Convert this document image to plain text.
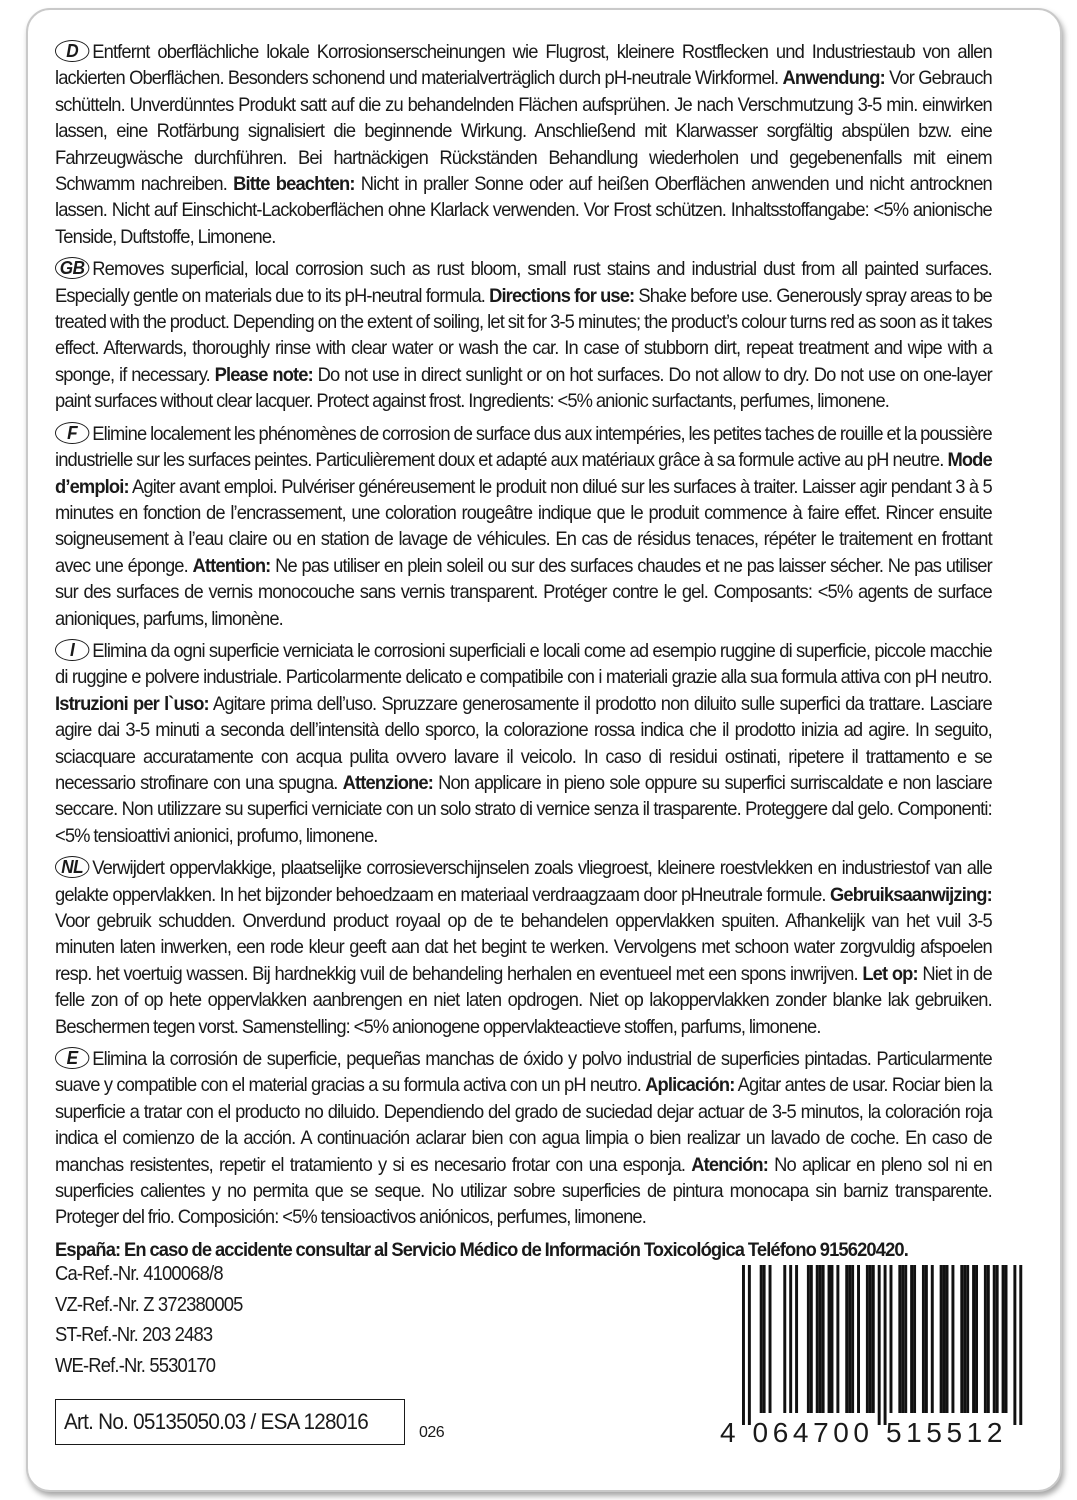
D Entfernt oberflächliche lokale Korrosionserscheinungen wie Flugrost, kleinere Rostflecken und Industriestaub von allen lackierten Oberflächen. Besonders schonend und materialverträglich durch pH-neutrale Wirkformel. Anwendung: Vor Gebrauch schütteln. Unverdünntes Produkt satt auf die zu behandelnden Flächen aufsprühen. Je nach Verschmutzung 3-5 min. einwirken lassen, eine Rotfärbung signalisiert die beginnende Wirkung. Anschließend mit Klarwasser sorgfältig abspülen bzw. eine Fahrzeugwäsche durchführen. Bei hartnäckigen Rückständen Behandlung wiederholen und gegebenenfalls mit einem Schwamm nachreiben. Bitte beachten: Nicht in praller Sonne oder auf heißen Oberflächen anwenden und nicht antrocknen lassen. Nicht auf Einschicht-Lackoberflächen ohne Klarlack verwenden. Vor Frost schützen. Inhaltsstoffangabe: <5% anionische Tenside, Duftstoffe, Limonene.
GB Removes superficial, local corrosion such as rust bloom, small rust stains and industrial dust from all painted surfaces. Especially gentle on materials due to its pH-neutral formula. Directions for use: Shake before use. Generously spray areas to be treated with the product. Depending on the extent of soiling, let sit for 3-5 minutes; the product’s colour turns red as soon as it takes effect. Afterwards, thoroughly rinse with clear water or wash the car. In case of stubborn dirt, repeat treatment and wipe with a sponge, if necessary. Please note: Do not use in direct sunlight or on hot surfaces. Do not allow to dry. Do not use on one-layer paint surfaces without clear lacquer. Protect against frost. Ingredients: <5% anionic surfactants, perfumes, limonene.
F Elimine localement les phénomènes de corrosion de surface dus aux intempéries, les petites taches de rouille et la poussière industrielle sur les surfaces peintes. Particulièrement doux et adapté aux matériaux grâce à sa formule active au pH neutre. Mode d’emploi: Agiter avant emploi. Pulvériser généreusement le produit non dilué sur les surfaces à traiter. Laisser agir pendant 3 à 5 minutes en fonction de l’encrassement, une coloration rougeâtre indique que le produit commence à faire effet. Rincer ensuite soigneusement à l’eau claire ou en station de lavage de véhicules. En cas de résidus tenaces, répéter le traitement en frottant avec une éponge. Attention: Ne pas utiliser en plein soleil ou sur des surfaces chaudes et ne pas laisser sécher. Ne pas utiliser sur des surfaces de vernis monocouche sans vernis transparent. Protéger contre le gel. Composants: <5% agents de surface anioniques, parfums, limonène.
I Elimina da ogni superficie verniciata le corrosioni superficiali e locali come ad esempio ruggine di superficie, piccole macchie di ruggine e polvere industriale. Particolarmente delicato e compatibile con i materiali grazie alla sua formula attiva con pH neutro. Istruzioni per l`uso: Agitare prima dell’uso. Spruzzare generosamente il prodotto non diluito sulle superfici da trattare. Lasciare agire dai 3-5 minuti a seconda dell’intensità dello sporco, la colorazione rossa indica che il prodotto inizia ad agire. In seguito, sciacquare accuratamente con acqua pulita ovvero lavare il veicolo. In caso di residui ostinati, ripetere il trattamento e se necessario strofinare con una spugna. Attenzione: Non applicare in pieno sole oppure su superfici surriscaldate e non lasciare seccare. Non utilizzare su superfici verniciate con un solo strato di vernice senza il trasparente. Proteggere dal gelo. Componenti: <5% tensioattivi anionici, profumo, limonene.
NL Verwijdert oppervlakkige, plaatselijke corrosieverschijnselen zoals vliegroest, kleinere roestvlekken en industriestof van alle gelakte oppervlakken. In het bijzonder behoedzaam en materiaal verdraagzaam door pHneutrale formule. Gebruiksaanwijzing: Voor gebruik schudden. Onverdund product royaal op de te behandelen oppervlakken spuiten. Afhankelijk van het vuil 3-5 minuten laten inwerken, een rode kleur geeft aan dat het begint te werken. Vervolgens met schoon water zorgvuldig afspoelen resp. het voertuig wassen. Bij hardnekkig vuil de behandeling herhalen en eventueel met een spons inwrijven. Let op: Niet in de felle zon of op hete oppervlakken aanbrengen en niet laten opdrogen. Niet op lakoppervlakken zonder blanke lak gebruiken. Beschermen tegen vorst. Samenstelling: <5% anionogene oppervlakteactieve stoffen, parfums, limonene.
E Elimina la corrosión de superficie, pequeñas manchas de óxido y polvo industrial de superficies pintadas. Particularmente suave y compatible con el material gracias a su formula activa con un pH neutro. Aplicación: Agitar antes de usar. Rociar bien la superficie a tratar con el producto no diluido. Dependiendo del grado de suciedad dejar actuar de 3-5 minutos, la coloración roja indica el comienzo de la acción. A continuación aclarar bien con agua limpia o bien realizar un lavado de coche. En caso de manchas resistentes, repetir el tratamiento y si es necesario frotar con una esponja. Atención: No aplicar en pleno sol ni en superficies calientes y no permita que se seque. No utilizar sobre superficies de pintura monocapa sin barniz transparente. Proteger del frio. Composición: <5% tensioactivos aniónicos, perfumes, limonene.
España: En caso de accidente consultar al Servicio Médico de Información Toxicológica Teléfono 915620420.
Ca-Ref.-Nr. 4100068/8
VZ-Ref.-Nr. Z 372380005
ST-Ref.-Nr. 203 2483
WE-Ref.-Nr. 5530170
Art. No. 05135050.03 / ESA 128016	026	4 064700 515512
